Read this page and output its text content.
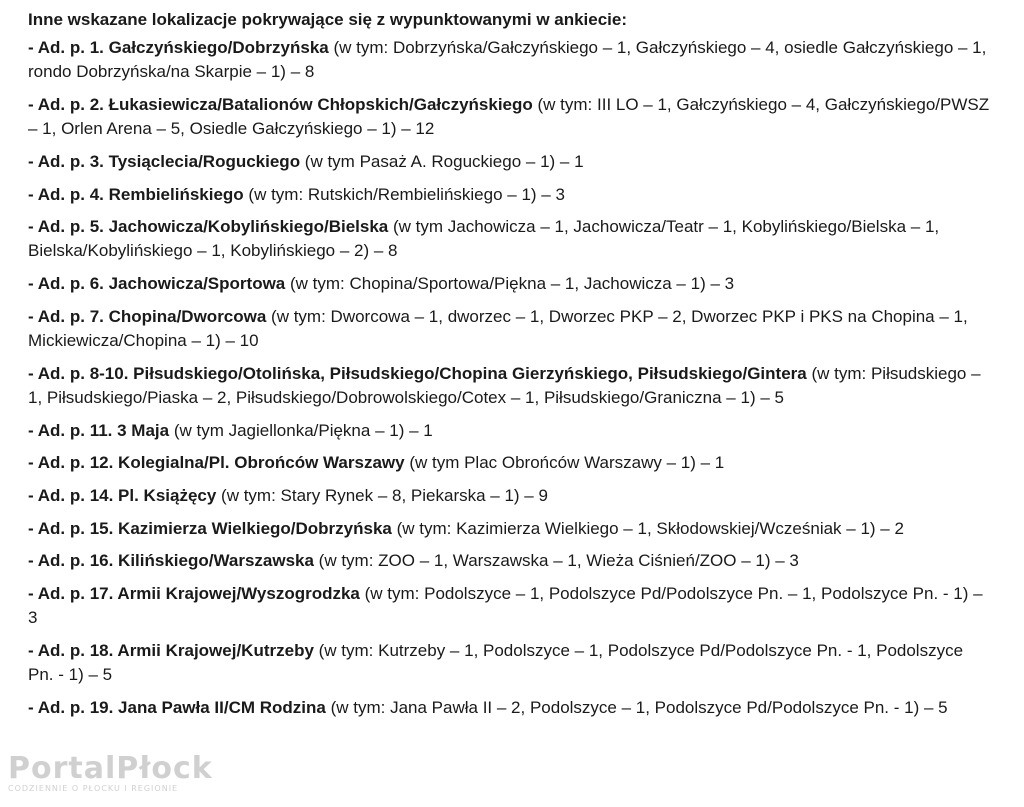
Inne wskazane lokalizacje pokrywające się z wypunktowanymi w ankiecie:
- Ad. p. 1. Gałczyńskiego/Dobrzyńska (w tym: Dobrzyńska/Gałczyńskiego – 1, Gałczyńskiego – 4, osiedle Gałczyńskiego – 1, rondo Dobrzyńska/na Skarpie – 1) – 8
- Ad. p. 2. Łukasiewicza/Batalionów Chłopskich/Gałczyńskiego (w tym: III LO – 1, Gałczyńskiego – 4, Gałczyńskiego/PWSZ – 1, Orlen Arena – 5, Osiedle Gałczyńskiego – 1) – 12
- Ad. p. 3. Tysiąclecia/Roguckiego (w tym Pasaż A. Roguckiego – 1) – 1
- Ad. p. 4. Rembielińskiego (w tym: Rutskich/Rembielińskiego – 1) – 3
- Ad. p. 5. Jachowicza/Kobylińskiego/Bielska (w tym Jachowicza – 1, Jachowicza/Teatr – 1, Kobylińskiego/Bielska – 1, Bielska/Kobylińskiego – 1, Kobylińskiego – 2) – 8
- Ad. p. 6. Jachowicza/Sportowa (w tym: Chopina/Sportowa/Piękna – 1, Jachowicza – 1) – 3
- Ad. p. 7. Chopina/Dworcowa (w tym: Dworcowa – 1, dworzec – 1, Dworzec PKP – 2, Dworzec PKP i PKS na Chopina – 1, Mickiewicza/Chopina – 1) – 10
- Ad. p. 8-10. Piłsudskiego/Otolińska, Piłsudskiego/Chopina Gierzyńskiego, Piłsudskiego/Gintera (w tym: Piłsudskiego – 1, Piłsudskiego/Piaska – 2, Piłsudskiego/Dobrowolskiego/Cotex – 1, Piłsudskiego/Graniczna – 1) – 5
- Ad. p. 11. 3 Maja (w tym Jagiellonka/Piękna – 1) – 1
- Ad. p. 12. Kolegialna/Pl. Obrońców Warszawy (w tym Plac Obrońców Warszawy – 1) – 1
- Ad. p. 14. Pl. Książęcy (w tym: Stary Rynek – 8, Piekarska – 1) – 9
- Ad. p. 15. Kazimierza Wielkiego/Dobrzyńska (w tym: Kazimierza Wielkiego – 1, Skłodowskiej/Wcześniak – 1) – 2
- Ad. p. 16. Kilińskiego/Warszawska (w tym: ZOO – 1, Warszawska – 1, Wieża Ciśnień/ZOO – 1) – 3
- Ad. p. 17. Armii Krajowej/Wyszogrodzka (w tym: Podolszyce – 1, Podolszyce Pd/Podolszyce Pn. – 1, Podolszyce Pn. - 1) – 3
- Ad. p. 18. Armii Krajowej/Kutrzeby (w tym: Kutrzeby – 1, Podolszyce – 1, Podolszyce Pd/Podolszyce Pn. - 1, Podolszyce Pn. - 1) – 5
- Ad. p. 19. Jana Pawła II/CM Rodzina (w tym: Jana Pawła II – 2, Podolszyce – 1, Podolszyce Pd/Podolszyce Pn. - 1) – 5
PortalPłock
CODZIENNIE O PŁOCKU I REGIONIE
